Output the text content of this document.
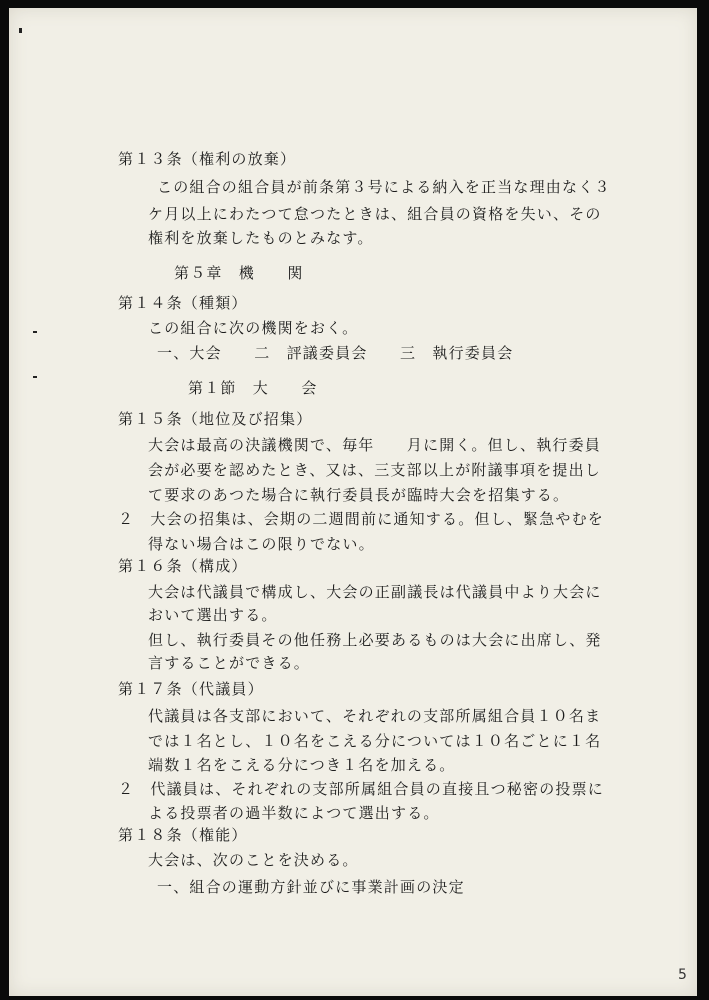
第１３条（権利の放棄）
この組合の組合員が前条第３号による納入を正当な理由なく３
ケ月以上にわたつて怠つたときは、組合員の資格を失い、その
権利を放棄したものとみなす。
第５章　機　　関
第１４条（種類）
この組合に次の機関をおく。
一、大会　　二　評議委員会　　三　執行委員会
第１節　大　　会
第１５条（地位及び招集）
大会は最高の決議機関で、毎年　　月に開く。但し、執行委員
会が必要を認めたとき、又は、三支部以上が附議事項を提出し
て要求のあつた場合に執行委員長が臨時大会を招集する。
２　大会の招集は、会期の二週間前に通知する。但し、緊急やむを
得ない場合はこの限りでない。
第１６条（構成）
大会は代議員で構成し、大会の正副議長は代議員中より大会に
おいて選出する。
但し、執行委員その他任務上必要あるものは大会に出席し、発
言することができる。
第１７条（代議員）
代議員は各支部において、それぞれの支部所属組合員１０名ま
では１名とし、１０名をこえる分については１０名ごとに１名
端数１名をこえる分につき１名を加える。
２　代議員は、それぞれの支部所属組合員の直接且つ秘密の投票に
よる投票者の過半数によつて選出する。
第１８条（権能）
大会は、次のことを決める。
一、組合の運動方針並びに事業計画の決定
5
